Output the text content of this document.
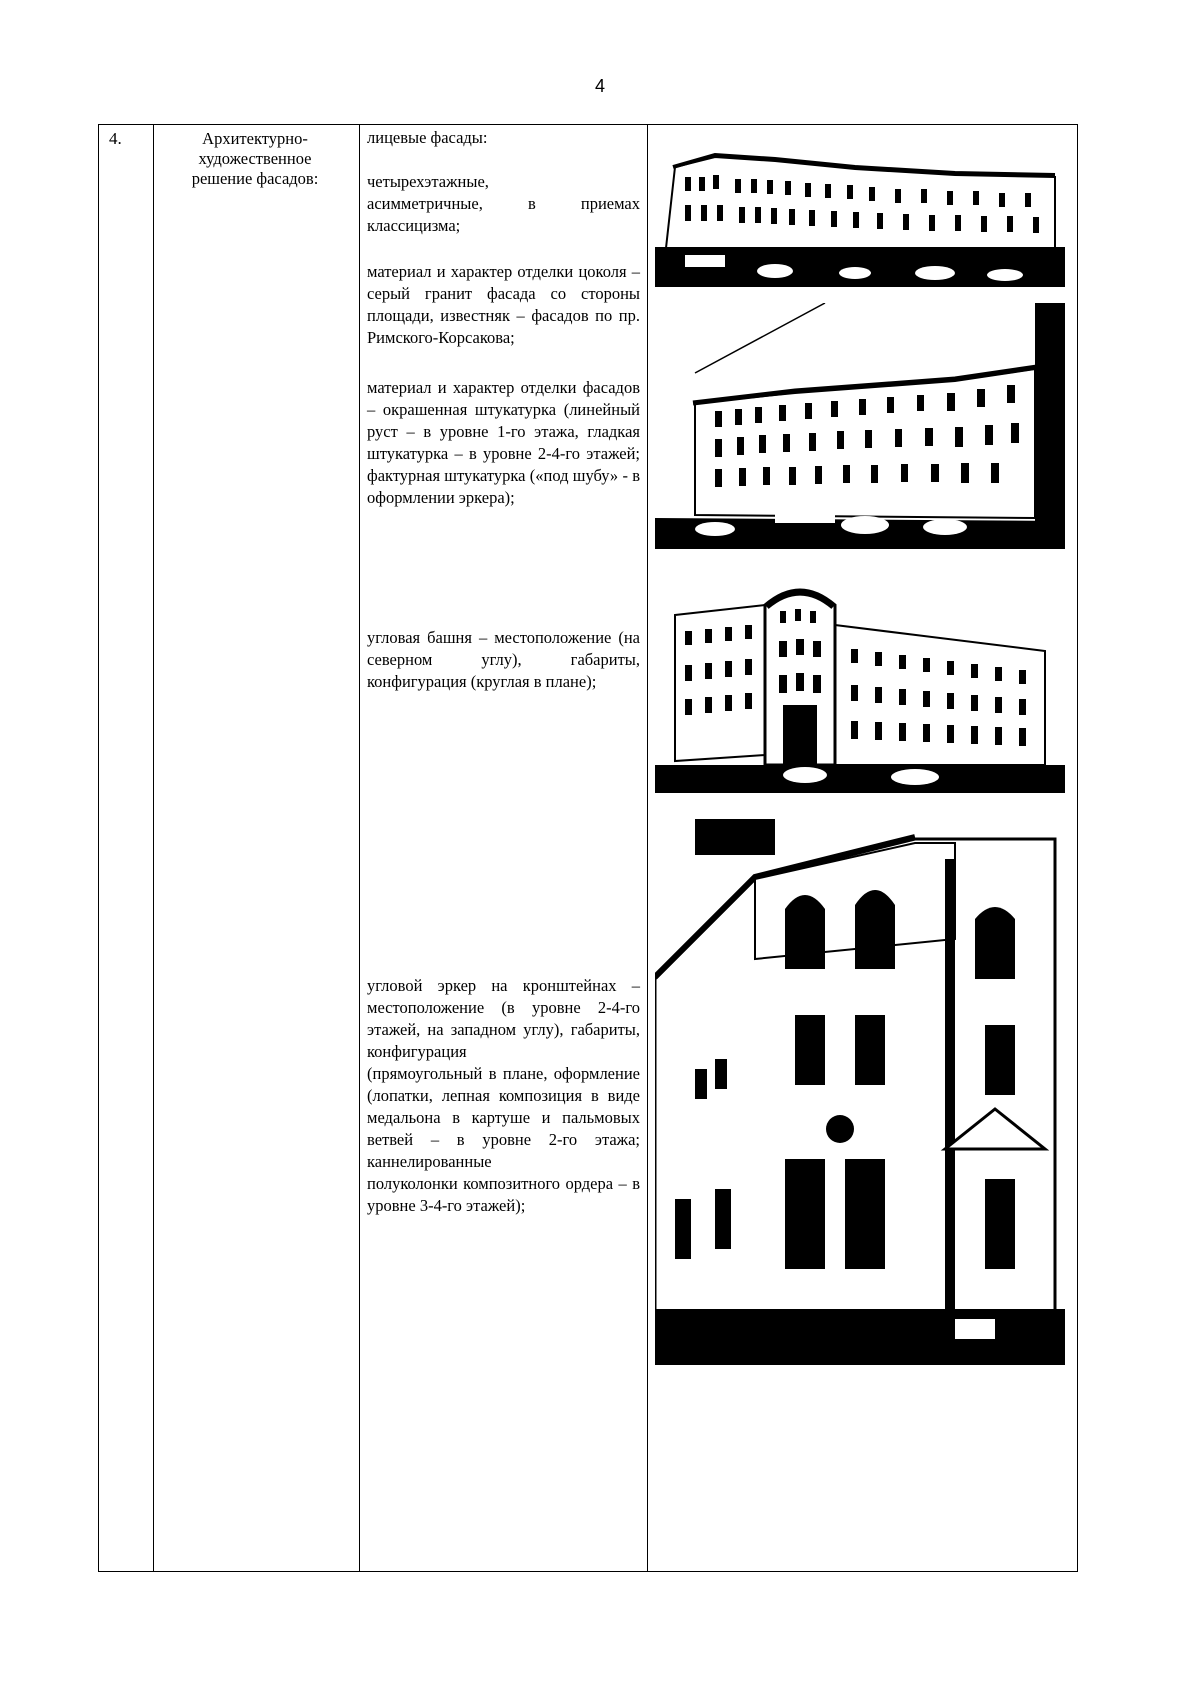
4
4.	Архитектурно-
художественное
решение фасадов:

лицевые фасады:

четырехэтажные,
асимметричные, в приемах классицизма;

материал и характер отделки цоколя – серый гранит фасада со стороны площади, известняк – фасадов по пр. Римского-Корсакова;

материал и характер отделки фасадов – окрашенная штукатурка (линейный руст – в уровне 1-го этажа, гладкая штукатурка – в уровне 2-4-го этажей; фактурная штукатурка («под шубу» - в оформлении эркера);

угловая башня – местоположение (на северном углу), габариты, конфигурация (круглая в плане);

угловой эркер на кронштейнах – местоположение (в уровне 2-4-го этажей, на западном углу), габариты, конфигурация
(прямоугольный в плане, оформление (лопатки, лепная композиция в виде медальона в картуше и пальмовых ветвей – в уровне 2-го этажа; каннелированные
полуколонки композитного ордера – в уровне 3-4-го этажей);
